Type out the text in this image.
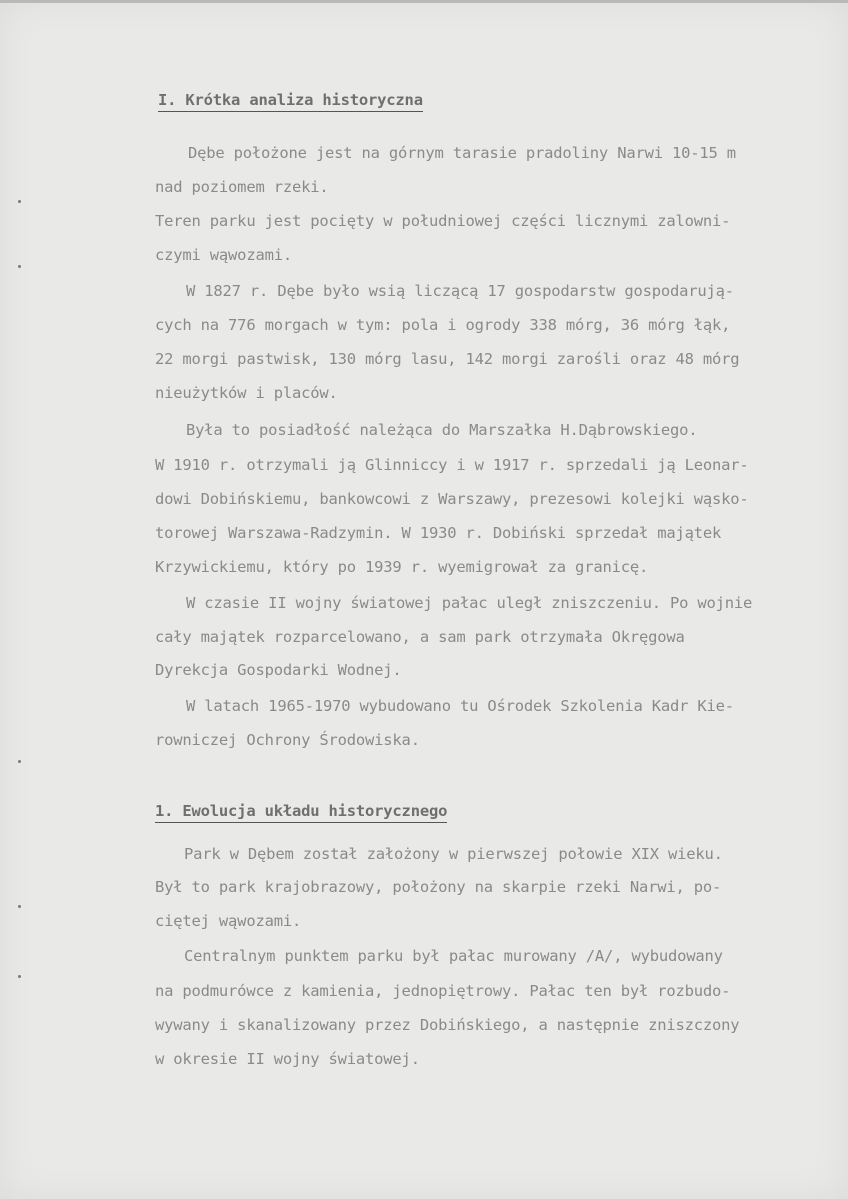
I. Krótka analiza historyczna
Dębe położone jest na górnym tarasie pradoliny Narwi 10-15 m
nad poziomem rzeki.
Teren parku jest pocięty w południowej części licznymi zalowni-
czymi wąwozami.
W 1827 r. Dębe było wsią liczącą 17 gospodarstw gospodarują-
cych na 776 morgach w tym: pola i ogrody 338 mórg, 36 mórg łąk,
22 morgi pastwisk, 130 mórg lasu, 142 morgi zarośli oraz 48 mórg
nieużytków i placów.
Była to posiadłość należąca do Marszałka H.Dąbrowskiego.
W 1910 r. otrzymali ją Glinniccy i w 1917 r. sprzedali ją Leonar-
dowi Dobińskiemu, bankowcowi z Warszawy, prezesowi kolejki wąsko-
torowej Warszawa-Radzymin. W 1930 r. Dobiński sprzedał majątek
Krzywickiemu, który po 1939 r. wyemigrował za granicę.
W czasie II wojny światowej pałac uległ zniszczeniu. Po wojnie
cały majątek rozparcelowano, a sam park otrzymała Okręgowa
Dyrekcja Gospodarki Wodnej.
W latach 1965-1970 wybudowano tu Ośrodek Szkolenia Kadr Kie-
rowniczej Ochrony Środowiska.
1. Ewolucja układu historycznego
Park w Dębem został założony w pierwszej połowie XIX wieku.
Był to park krajobrazowy, położony na skarpie rzeki Narwi, po-
ciętej wąwozami.
Centralnym punktem parku był pałac murowany /A/, wybudowany
na podmurówce z kamienia, jednopiętrowy. Pałac ten był rozbudo-
wywany i skanalizowany przez Dobińskiego, a następnie zniszczony
w okresie II wojny światowej.
